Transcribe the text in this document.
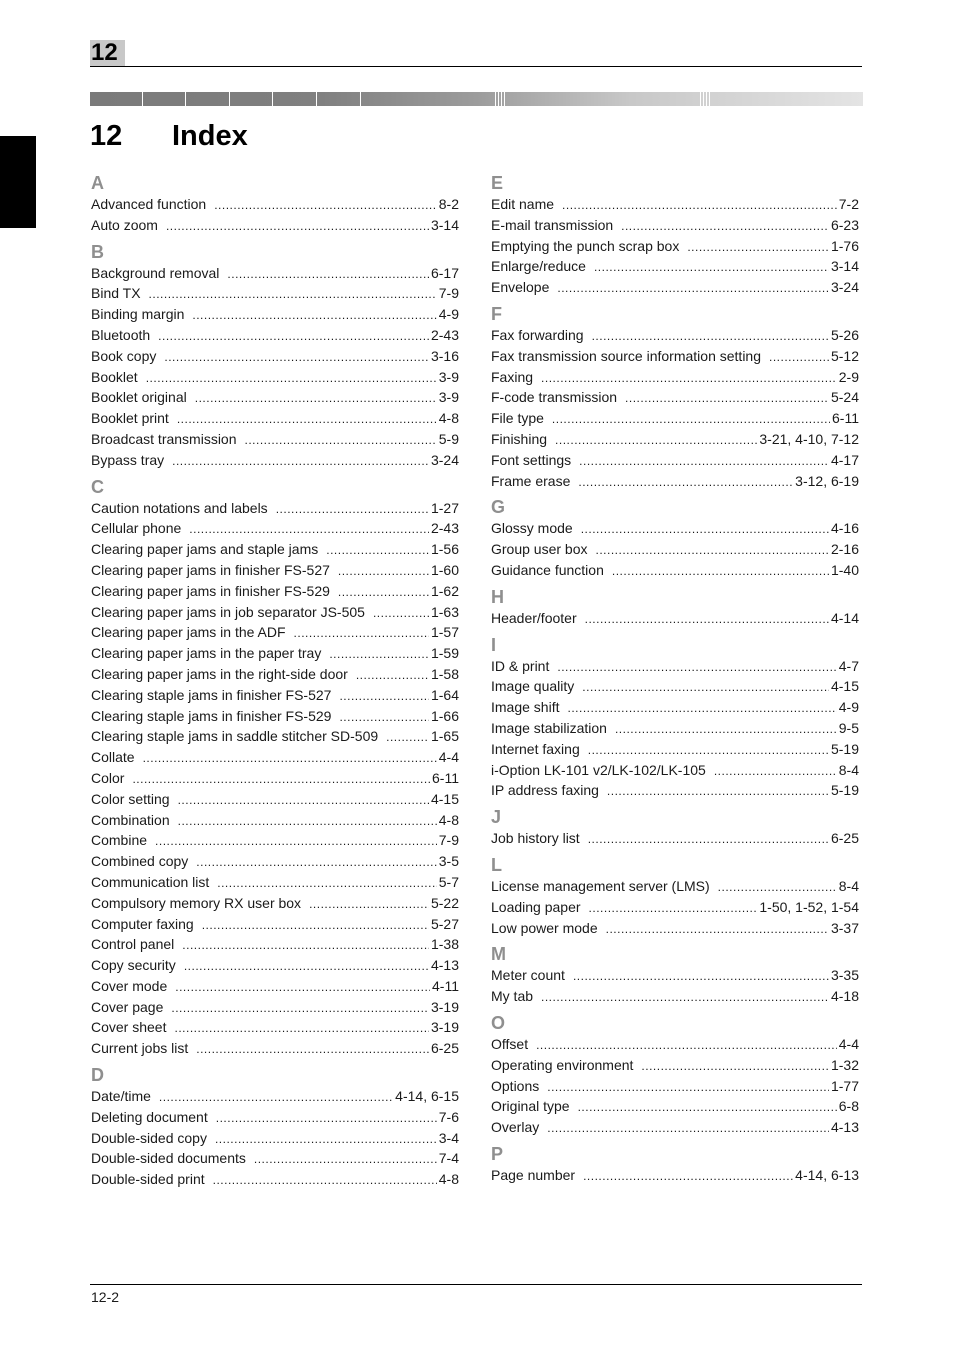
12
12 Index
A
Advanced function .....	8-2
Auto zoom .....	3-14
B
Background removal .....	6-17
Bind TX .....	7-9
Binding margin .....	4-9
Bluetooth .....	2-43
Book copy .....	3-16
Booklet .....	3-9
Booklet original .....	3-9
Booklet print .....	4-8
Broadcast transmission .....	5-9
Bypass tray .....	3-24
C
Caution notations and labels .....	1-27
Cellular phone .....	2-43
Clearing paper jams and staple jams .....	1-56
Clearing paper jams in finisher FS-527 .....	1-60
Clearing paper jams in finisher FS-529 .....	1-62
Clearing paper jams in job separator JS-505 .....	1-63
Clearing paper jams in the ADF .....	1-57
Clearing paper jams in the paper tray .....	1-59
Clearing paper jams in the right-side door .....	1-58
Clearing staple jams in finisher FS-527 .....	1-64
Clearing staple jams in finisher FS-529 .....	1-66
Clearing staple jams in saddle stitcher SD-509 .....	1-65
Collate .....	4-4
Color .....	6-11
Color setting .....	4-15
Combination .....	4-8
Combine .....	7-9
Combined copy .....	3-5
Communication list .....	5-7
Compulsory memory RX user box .....	5-22
Computer faxing .....	5-27
Control panel .....	1-38
Copy security .....	4-13
Cover mode .....	4-11
Cover page .....	3-19
Cover sheet .....	3-19
Current jobs list .....	6-25
D
Date/time .....	4-14, 6-15
Deleting document .....	7-6
Double-sided copy .....	3-4
Double-sided documents .....	7-4
Double-sided print .....	4-8
E
Edit name .....	7-2
E-mail transmission .....	6-23
Emptying the punch scrap box .....	1-76
Enlarge/reduce .....	3-14
Envelope .....	3-24
F
Fax forwarding .....	5-26
Fax transmission source information setting .....	5-12
Faxing .....	2-9
F-code transmission .....	5-24
File type .....	6-11
Finishing .....	3-21, 4-10, 7-12
Font settings .....	4-17
Frame erase .....	3-12, 6-19
G
Glossy mode .....	4-16
Group user box .....	2-16
Guidance function .....	1-40
H
Header/footer .....	4-14
I
ID & print .....	4-7
Image quality .....	4-15
Image shift .....	4-9
Image stabilization .....	9-5
Internet faxing .....	5-19
i-Option LK-101 v2/LK-102/LK-105 .....	8-4
IP address faxing .....	5-19
J
Job history list .....	6-25
L
License management server (LMS) .....	8-4
Loading paper .....	1-50, 1-52, 1-54
Low power mode .....	3-37
M
Meter count .....	3-35
My tab .....	4-18
O
Offset .....	4-4
Operating environment .....	1-32
Options .....	1-77
Original type .....	6-8
Overlay .....	4-13
P
Page number .....	4-14, 6-13
12-2
